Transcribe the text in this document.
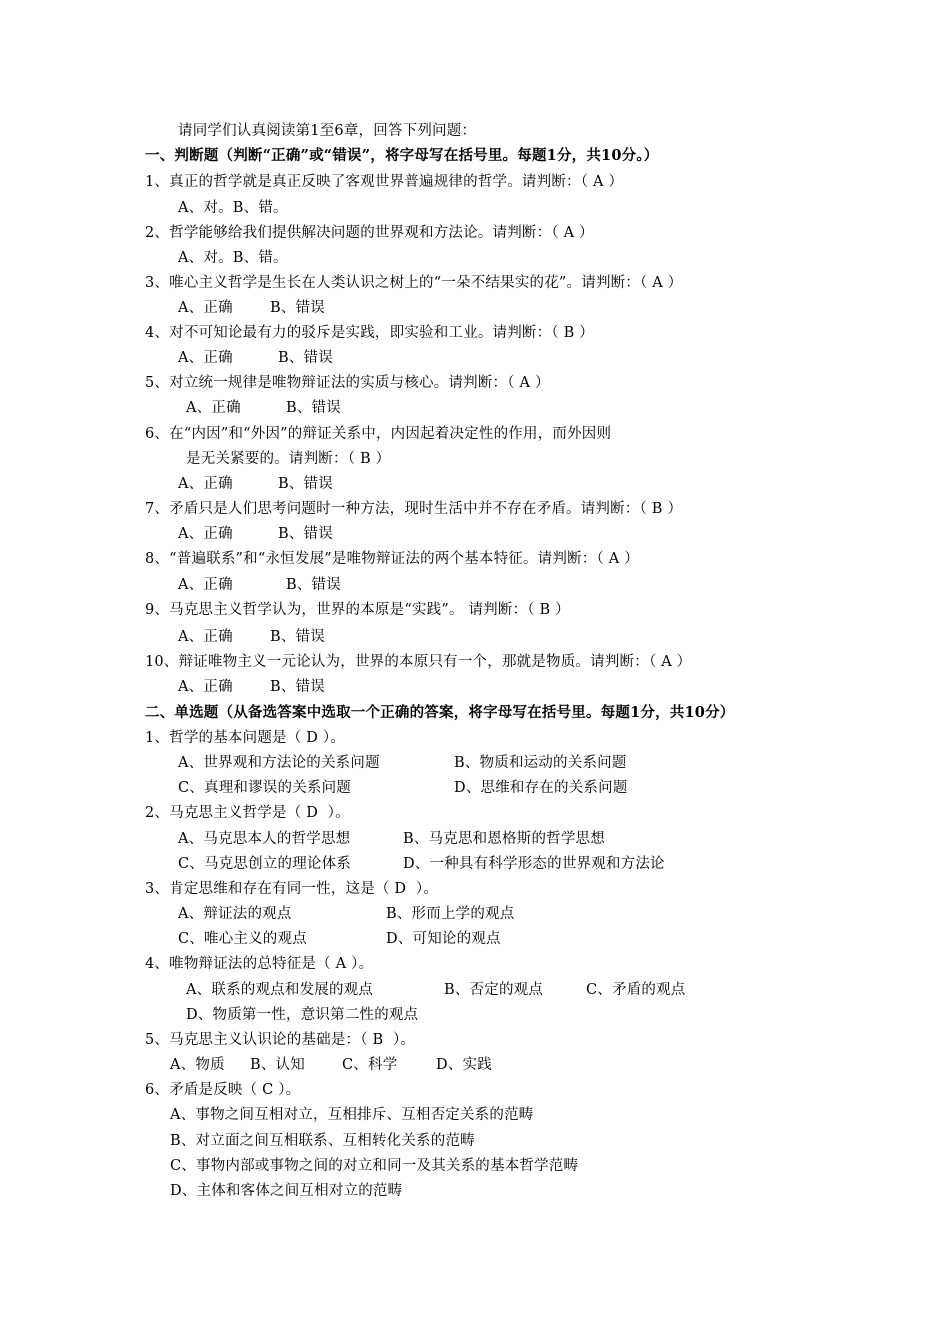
请同学们认真阅读第1至6章，回答下列问题：
一、判断题（判断“正确”或“错误”，将字母写在括号里。每题1分，共10分。）
1、真正的哲学就是真正反映了客观世界普遍规律的哲学。请判断：（ A ）
A、对。B、错。
2、哲学能够给我们提供解决问题的世界观和方法论。请判断：（ A ）
A、对。B、错。
3、唯心主义哲学是生长在人类认识之树上的“一朵不结果实的花”。请判断：（ A ）
A、正确	B、错误
4、对不可知论最有力的驳斥是实践，即实验和工业。请判断：（ B ）
A、正确	B、错误
5、对立统一规律是唯物辩证法的实质与核心。请判断：（ A ）
A、正确	B、错误
6、在“内因”和“外因”的辩证关系中，内因起着决定性的作用，而外因则
是无关紧要的。请判断：（ B ）
A、正确	B、错误
7、矛盾只是人们思考问题时一种方法，现时生活中并不存在矛盾。请判断：（ B ）
A、正确	B、错误
8、“普遍联系”和“永恒发展”是唯物辩证法的两个基本特征。请判断：（ A ）
A、正确	B、错误
9、马克思主义哲学认为，世界的本原是“实践”。 请判断：（ B ）
A、正确	B、错误
10、辩证唯物主义一元论认为，世界的本原只有一个，那就是物质。请判断：（ A ）
A、正确	B、错误
二、单选题（从备选答案中选取一个正确的答案，将字母写在括号里。每题1分，共10分）
1、哲学的基本问题是（ D ）。
A、世界观和方法论的关系问题	B、物质和运动的关系问题
C、真理和谬误的关系问题	D、思维和存在的关系问题
2、马克思主义哲学是（ D  ）。
A、马克思本人的哲学思想	B、马克思和恩格斯的哲学思想
C、马克思创立的理论体系	D、一种具有科学形态的世界观和方法论
3、肯定思维和存在有同一性，这是（ D  ）。
A、辩证法的观点	B、形而上学的观点
C、唯心主义的观点	D、可知论的观点
4、唯物辩证法的总特征是（ A ）。
A、联系的观点和发展的观点	B、否定的观点	C、矛盾的观点
D、物质第一性，意识第二性的观点
5、马克思主义认识论的基础是：（ B  ）。
A、物质 B、认知	C、科学	D、实践
6、矛盾是反映（ C ）。
A、事物之间互相对立，互相排斥、互相否定关系的范畴
B、对立面之间互相联系、互相转化关系的范畴
C、事物内部或事物之间的对立和同一及其关系的基本哲学范畴
D、主体和客体之间互相对立的范畴
